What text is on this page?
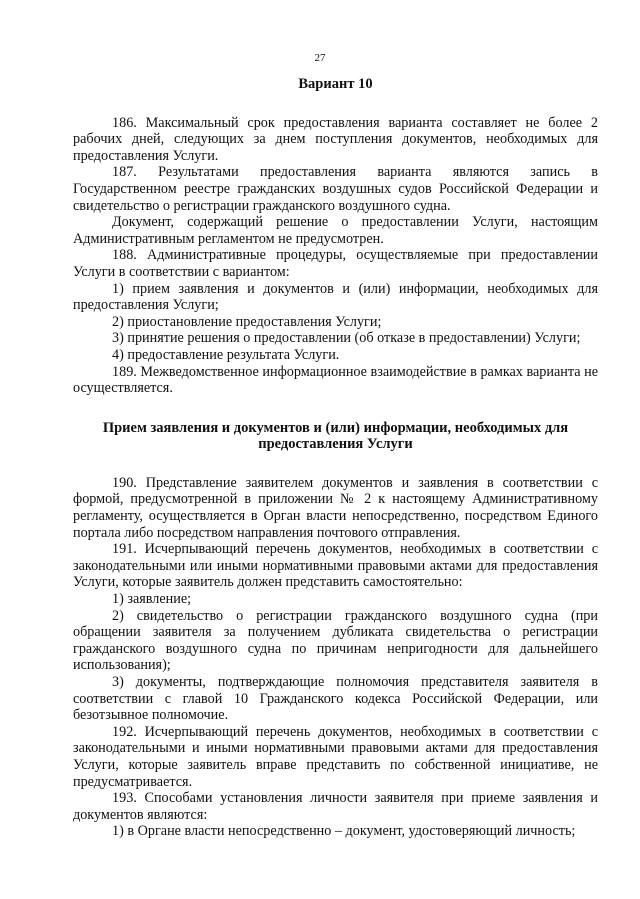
27
Вариант 10

186. Максимальный срок предоставления варианта составляет не более 2 рабочих дней, следующих за днем поступления документов, необходимых для предоставления Услуги.

187. Результатами предоставления варианта являются запись в Государственном реестре гражданских воздушных судов Российской Федерации и свидетельство о регистрации гражданского воздушного судна.

Документ, содержащий решение о предоставлении Услуги, настоящим Административным регламентом не предусмотрен.

188. Административные процедуры, осуществляемые при предоставлении Услуги в соответствии с вариантом:

1) прием заявления и документов и (или) информации, необходимых для предоставления Услуги;

2) приостановление предоставления Услуги;

3) принятие решения о предоставлении (об отказе в предоставлении) Услуги;

4) предоставление результата Услуги.

189. Межведомственное информационное взаимодействие в рамках варианта не осуществляется.

Прием заявления и документов и (или) информации, необходимых для предоставления Услуги

190. Представление заявителем документов и заявления в соответствии с формой, предусмотренной в приложении № 2 к настоящему Административному регламенту, осуществляется в Орган власти непосредственно, посредством Единого портала либо посредством направления почтового отправления.

191. Исчерпывающий перечень документов, необходимых в соответствии с законодательными или иными нормативными правовыми актами для предоставления Услуги, которые заявитель должен представить самостоятельно:

1) заявление;

2) свидетельство о регистрации гражданского воздушного судна (при обращении заявителя за получением дубликата свидетельства о регистрации гражданского воздушного судна по причинам непригодности для дальнейшего использования);

3) документы, подтверждающие полномочия представителя заявителя в соответствии с главой 10 Гражданского кодекса Российской Федерации, или безотзывное полномочие.

192. Исчерпывающий перечень документов, необходимых в соответствии с законодательными и иными нормативными правовыми актами для предоставления Услуги, которые заявитель вправе представить по собственной инициативе, не предусматривается.

193. Способами установления личности заявителя при приеме заявления и документов являются:

1) в Органе власти непосредственно – документ, удостоверяющий личность;
